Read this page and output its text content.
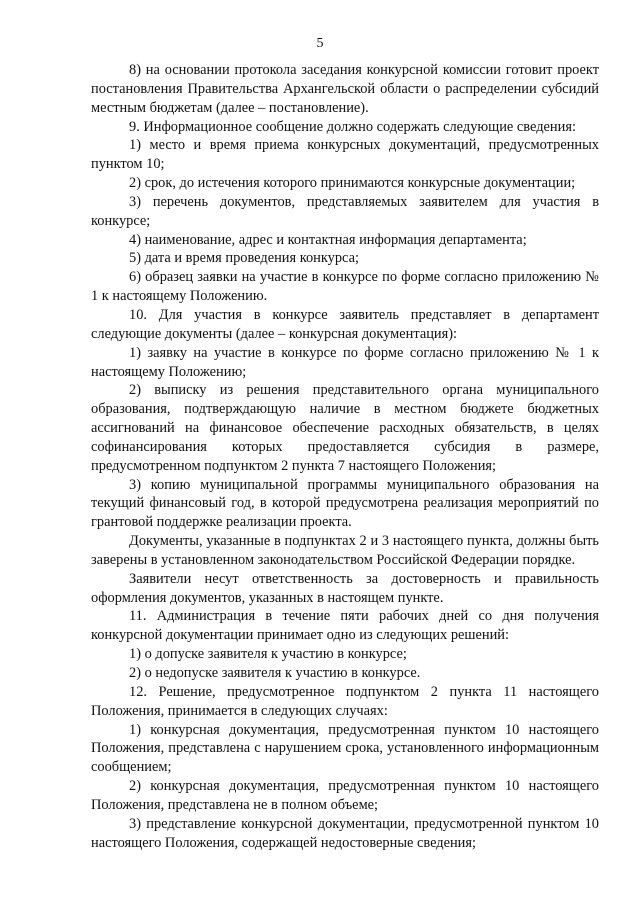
5

8) на основании протокола заседания конкурсной комиссии готовит проект постановления Правительства Архангельской области о распределении субсидий местным бюджетам (далее – постановление).

9. Информационное сообщение должно содержать следующие сведения:

1) место и время приема конкурсных документаций, предусмотренных пунктом 10;

2) срок, до истечения которого принимаются конкурсные документации;

3) перечень документов, представляемых заявителем для участия в конкурсе;

4) наименование, адрес и контактная информация департамента;

5) дата и время проведения конкурса;

6) образец заявки на участие в конкурсе по форме согласно приложению № 1 к настоящему Положению.

10. Для участия в конкурсе заявитель представляет в департамент следующие документы (далее – конкурсная документация):

1) заявку на участие в конкурсе по форме согласно приложению № 1 к настоящему Положению;

2) выписку из решения представительного органа муниципального образования, подтверждающую наличие в местном бюджете бюджетных ассигнований на финансовое обеспечение расходных обязательств, в целях софинансирования которых предоставляется субсидия в размере, предусмотренном подпунктом 2 пункта 7 настоящего Положения;

3) копию муниципальной программы муниципального образования на текущий финансовый год, в которой предусмотрена реализация мероприятий по грантовой поддержке реализации проекта.

Документы, указанные в подпунктах 2 и 3 настоящего пункта, должны быть заверены в установленном законодательством Российской Федерации порядке.

Заявители несут ответственность за достоверность и правильность оформления документов, указанных в настоящем пункте.

11. Администрация в течение пяти рабочих дней со дня получения конкурсной документации принимает одно из следующих решений:

1) о допуске заявителя к участию в конкурсе;

2) о недопуске заявителя к участию в конкурсе.

12. Решение, предусмотренное подпунктом 2 пункта 11 настоящего Положения, принимается в следующих случаях:

1) конкурсная документация, предусмотренная пунктом 10 настоящего Положения, представлена с нарушением срока, установленного информационным сообщением;

2) конкурсная документация, предусмотренная пунктом 10 настоящего Положения, представлена не в полном объеме;

3) представление конкурсной документации, предусмотренной пунктом 10 настоящего Положения, содержащей недостоверные сведения;
